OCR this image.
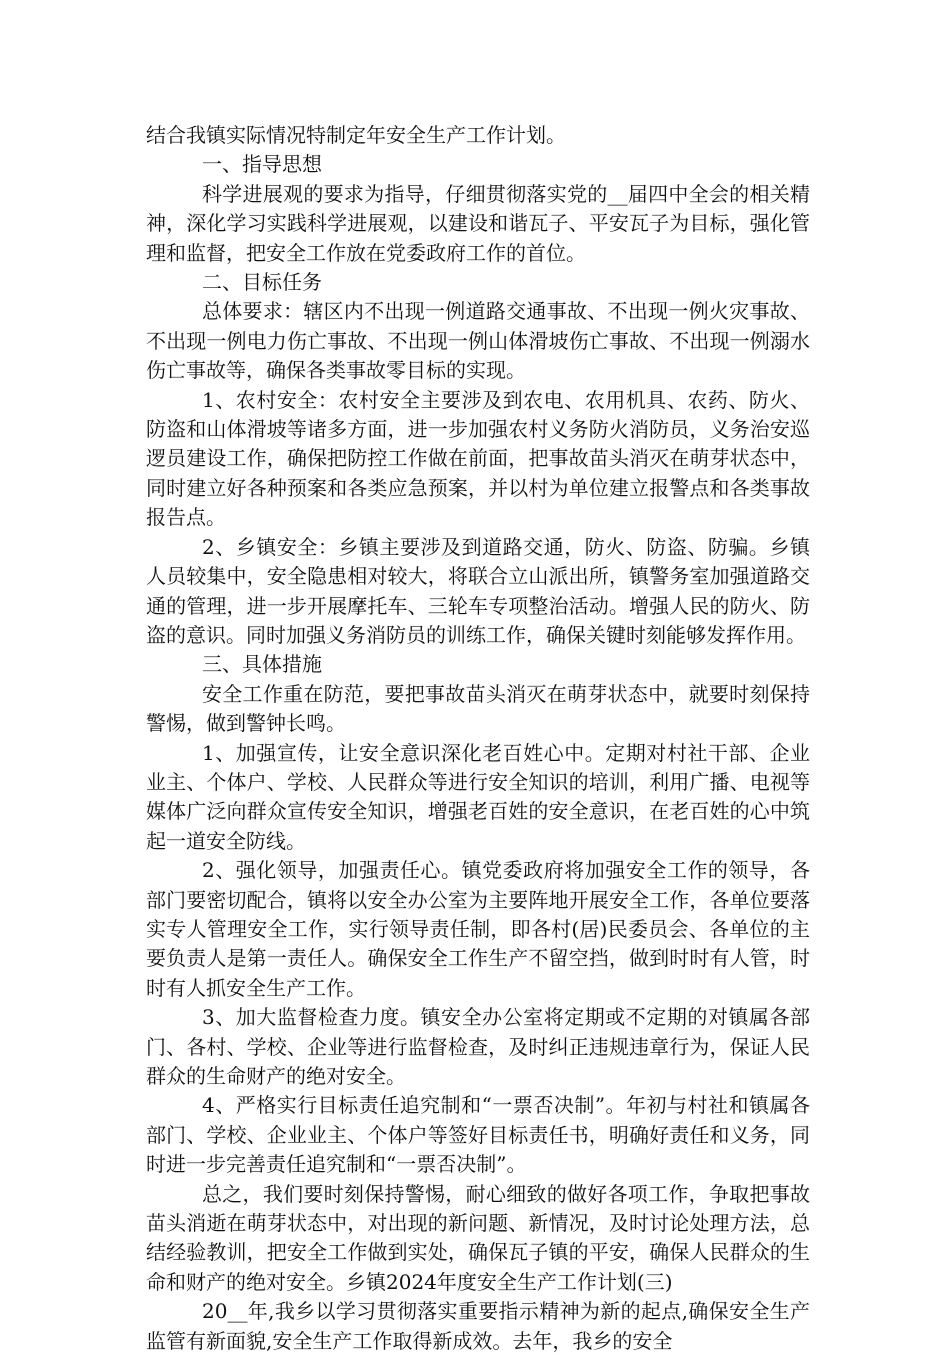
结合我镇实际情况特制定年安全生产工作计划。

一、指导思想

科学进展观的要求为指导，仔细贯彻落实党的__届四中全会的相关精神，深化学习实践科学进展观，以建设和谐瓦子、平安瓦子为目标，强化管理和监督，把安全工作放在党委政府工作的首位。

二、目标任务

总体要求：辖区内不出现一例道路交通事故、不出现一例火灾事故、不出现一例电力伤亡事故、不出现一例山体滑坡伤亡事故、不出现一例溺水伤亡事故等，确保各类事故零目标的实现。

1、农村安全：农村安全主要涉及到农电、农用机具、农药、防火、防盗和山体滑坡等诸多方面，进一步加强农村义务防火消防员，义务治安巡逻员建设工作，确保把防控工作做在前面，把事故苗头消灭在萌芽状态中，同时建立好各种预案和各类应急预案，并以村为单位建立报警点和各类事故报告点。

2、乡镇安全：乡镇主要涉及到道路交通，防火、防盗、防骗。乡镇人员较集中，安全隐患相对较大，将联合立山派出所，镇警务室加强道路交通的管理，进一步开展摩托车、三轮车专项整治活动。增强人民的防火、防盗的意识。同时加强义务消防员的训练工作，确保关键时刻能够发挥作用。

三、具体措施

安全工作重在防范，要把事故苗头消灭在萌芽状态中，就要时刻保持警惕，做到警钟长鸣。

1、加强宣传，让安全意识深化老百姓心中。定期对村社干部、企业业主、个体户、学校、人民群众等进行安全知识的培训，利用广播、电视等媒体广泛向群众宣传安全知识，增强老百姓的安全意识，在老百姓的心中筑起一道安全防线。

2、强化领导，加强责任心。镇党委政府将加强安全工作的领导，各部门要密切配合，镇将以安全办公室为主要阵地开展安全工作，各单位要落实专人管理安全工作，实行领导责任制，即各村(居)民委员会、各单位的主要负责人是第一责任人。确保安全工作生产不留空挡，做到时时有人管，时时有人抓安全生产工作。

3、加大监督检查力度。镇安全办公室将定期或不定期的对镇属各部门、各村、学校、企业等进行监督检查，及时纠正违规违章行为，保证人民群众的生命财产的绝对安全。

4、严格实行目标责任追究制和“一票否决制”。年初与村社和镇属各部门、学校、企业业主、个体户等签好目标责任书，明确好责任和义务，同时进一步完善责任追究制和“一票否决制”。

总之，我们要时刻保持警惕，耐心细致的做好各项工作，争取把事故苗头消逝在萌芽状态中，对出现的新问题、新情况，及时讨论处理方法，总结经验教训，把安全工作做到实处，确保瓦子镇的平安，确保人民群众的生命和财产的绝对安全。乡镇2024年度安全生产工作计划(三)

20__年,我乡以学习贯彻落实重要指示精神为新的起点,确保安全生产监管有新面貌,安全生产工作取得新成效。去年，我乡的安全
